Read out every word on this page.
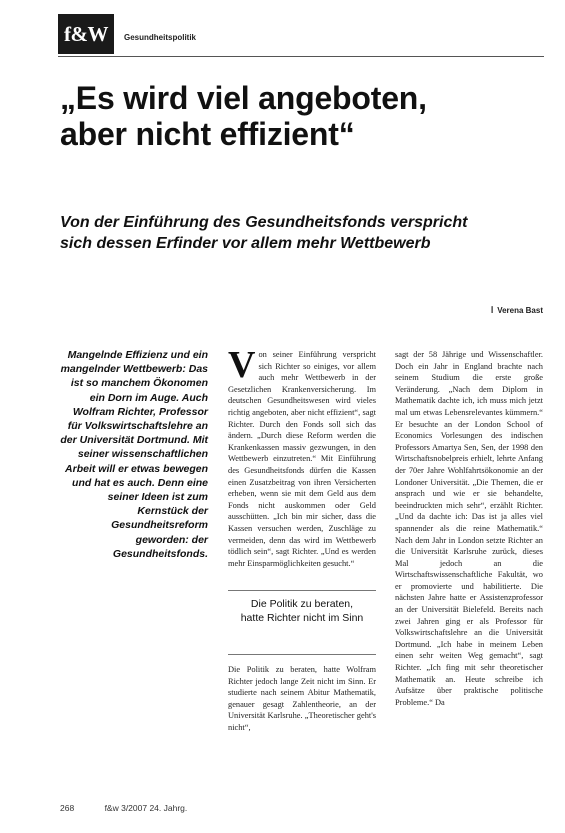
f&W	Gesundheitspolitik
„Es wird viel angeboten,
aber nicht effizient“
Von der Einführung des Gesundheitsfonds verspricht
sich dessen Erfinder vor allem mehr Wettbewerb
İ Verena Bast

Mangelnde Effizienz und ein mangelnder Wettbewerb: Das ist so manchem Ökonomen ein Dorn im Auge. Auch Wolfram Richter, Professor für Volkswirtschaftslehre an der Universität Dortmund. Mit seiner wissenschaftlichen Arbeit will er etwas bewegen und hat es auch. Denn eine seiner Ideen ist zum Kernstück der Gesundheitsreform geworden: der Gesundheitsfonds.

Von seiner Einführung verspricht sich Richter so einiges, vor allem auch mehr Wettbewerb in der Gesetzlichen Krankenversicherung. Im deutschen Gesundheitswesen wird vieles richtig angeboten, aber nicht effizient“, sagt Richter. Durch den Fonds soll sich das ändern. „Durch diese Reform werden die Krankenkassen massiv gezwungen, in den Wettbewerb einzutreten.“ Mit Einführung des Gesundheitsfonds dürfen die Kassen einen Zusatzbeitrag von ihren Versicherten erheben, wenn sie mit dem Geld aus dem Fonds nicht auskommen oder Geld ausschütten. „Ich bin mir sicher, dass die Kassen versuchen werden, Zuschläge zu vermeiden, denn das wird im Wettbewerb tödlich sein“, sagt Richter. „Und es werden mehr Einsparmöglichkeiten gesucht.“

Die Politik zu beraten,
hatte Richter nicht im Sinn

Die Politik zu beraten, hatte Wolfram Richter jedoch lange Zeit nicht im Sinn. Er studierte nach seinem Abitur Mathematik, genauer gesagt Zahlentheorie, an der Universität Karlsruhe. „Theoretischer geht's nicht“,

sagt der 58 Jährige und Wissenschaftler. Doch ein Jahr in England brachte nach seinem Studium die erste große Veränderung. „Nach dem Diplom in Mathematik dachte ich, ich muss mich jetzt mal um etwas Lebensrelevantes kümmern.“ Er besuchte an der London School of Economics Vorlesungen des indischen Professors Amartya Sen, Sen, der 1998 den Wirtschaftsnobelpreis erhielt, lehrte Anfang der 70er Jahre Wohlfahrtsökonomie an der Londoner Universität. „Die Themen, die er ansprach und wie er sie behandelte, beeindruckten mich sehr“, erzählt Richter. „Und da dachte ich: Das ist ja alles viel spannender als die reine Mathematik.“ Nach dem Jahr in London setzte Richter an die Universität Karlsruhe zurück, dieses Mal jedoch an die Wirtschaftswissenschaftliche Fakultät, wo er promovierte und habilitierte. Die nächsten Jahre hatte er Assistenzprofessor an der Universität Bielefeld. Bereits nach zwei Jahren ging er als Professor für Volkswirtschaftslehre an die Universität Dortmund. „Ich habe in meinem Leben einen sehr weiten Weg gemacht“, sagt Richter. „Ich fing mit sehr theoretischer Mathematik an. Heute schreibe ich Aufsätze über praktische politische Probleme.“ Da

268	f&w 3/2007 24. Jahrg.
